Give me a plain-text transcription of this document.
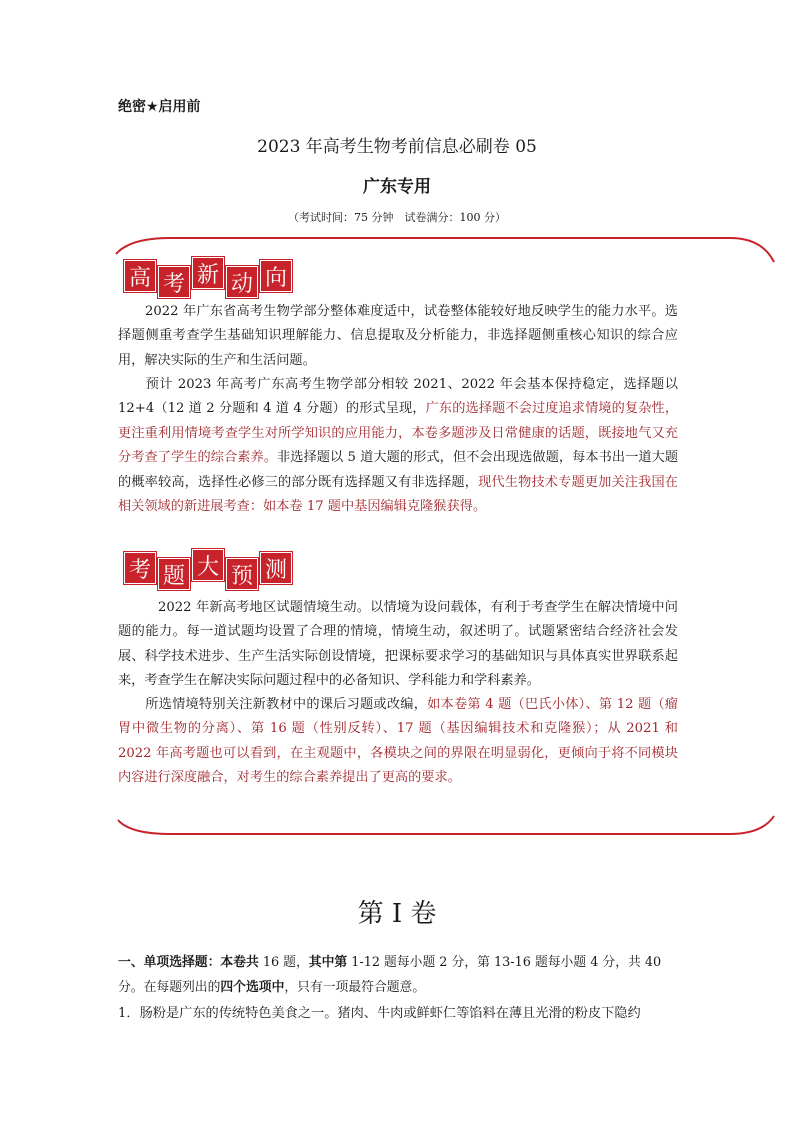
绝密★启用前
2023 年高考生物考前信息必刷卷 05
广东专用
（考试时间：75 分钟　试卷满分：100 分）
高 考 新 动 向
2022 年广东省高考生物学部分整体难度适中，试卷整体能较好地反映学生的能力水平。选择题侧重考查学生基础知识理解能力、信息提取及分析能力，非选择题侧重核心知识的综合应用，解决实际的生产和生活问题。
预计 2023 年高考广东高考生物学部分相较 2021、2022 年会基本保持稳定，选择题以 12+4（12 道 2 分题和 4 道 4 分题）的形式呈现，广东的选择题不会过度追求情境的复杂性，更注重利用情境考查学生对所学知识的应用能力，本卷多题涉及日常健康的话题，既接地气又充分考查了学生的综合素养。非选择题以 5 道大题的形式，但不会出现选做题，每本书出一道大题的概率较高，选择性必修三的部分既有选择题又有非选择题，现代生物技术专题更加关注我国在相关领域的新进展考查：如本卷 17 题中基因编辑克隆猴获得。
考 题 大 预 测
2022 年新高考地区试题情境生动。以情境为设问载体，有利于考查学生在解决情境中问题的能力。每一道试题均设置了合理的情境，情境生动，叙述明了。试题紧密结合经济社会发展、科学技术进步、生产生活实际创设情境，把课标要求学习的基础知识与具体真实世界联系起来，考查学生在解决实际问题过程中的必备知识、学科能力和学科素养。
所选情境特别关注新教材中的课后习题或改编，如本卷第 4 题（巴氏小体）、第 12 题（瘤胃中微生物的分离）、第 16 题（性别反转）、17 题（基因编辑技术和克隆猴）；从 2021 和 2022 年高考题也可以看到，在主观题中，各模块之间的界限在明显弱化，更倾向于将不同模块内容进行深度融合，对考生的综合素养提出了更高的要求。
第 I 卷
一、单项选择题：本卷共 16 题，其中第 1-12 题每小题 2 分，第 13-16 题每小题 4 分，共 40 分。在每题列出的四个选项中，只有一项最符合题意。
1．肠粉是广东的传统特色美食之一。猪肉、牛肉或鲜虾仁等馅料在薄且光滑的粉皮下隐约
